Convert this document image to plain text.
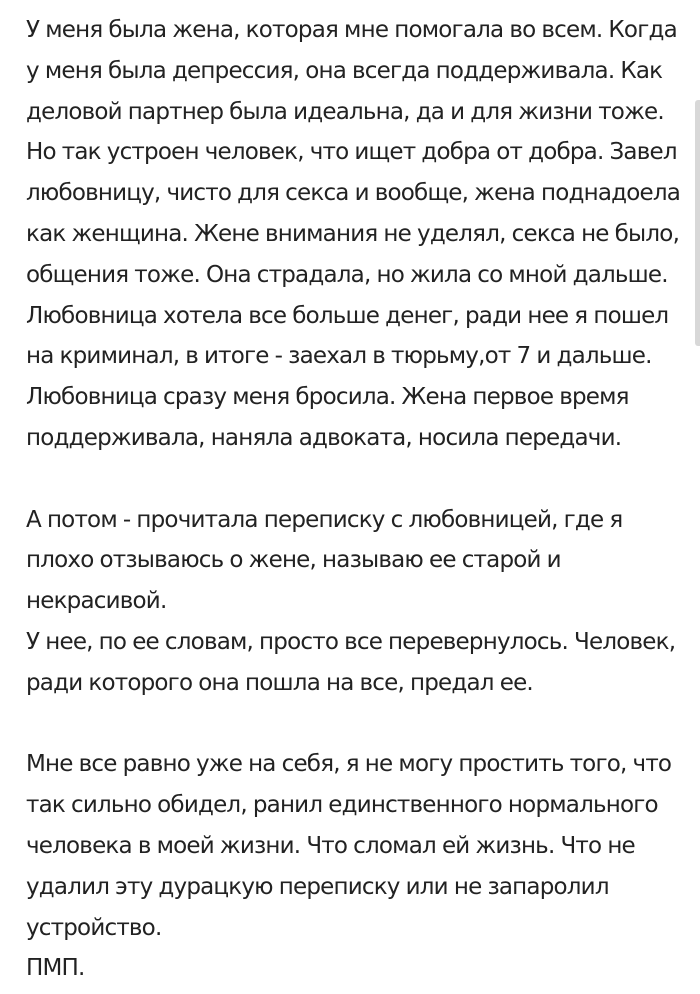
У меня была жена, которая мне помогала во всем. Когда
у меня была депрессия, она всегда поддерживала. Как
деловой партнер была идеальна, да и для жизни тоже.
Но так устроен человек, что ищет добра от добра. Завел
любовницу, чисто для секса и вообще, жена поднадоела
как женщина. Жене внимания не уделял, секса не было,
общения тоже. Она страдала, но жила со мной дальше.
Любовница хотела все больше денег, ради нее я пошел
на криминал, в итоге - заехал в тюрьму,от 7 и дальше.
Любовница сразу меня бросила. Жена первое время
поддерживала, наняла адвоката, носила передачи.
А потом - прочитала переписку с любовницей, где я
плохо отзываюсь о жене, называю ее старой и
некрасивой.
У нее, по ее словам, просто все перевернулось. Человек,
ради которого она пошла на все, предал ее.
Мне все равно уже на себя, я не могу простить того, что
так сильно обидел, ранил единственного нормального
человека в моей жизни. Что сломал ей жизнь. Что не
удалил эту дурацкую переписку или не запаролил
устройство.
ПМП.
